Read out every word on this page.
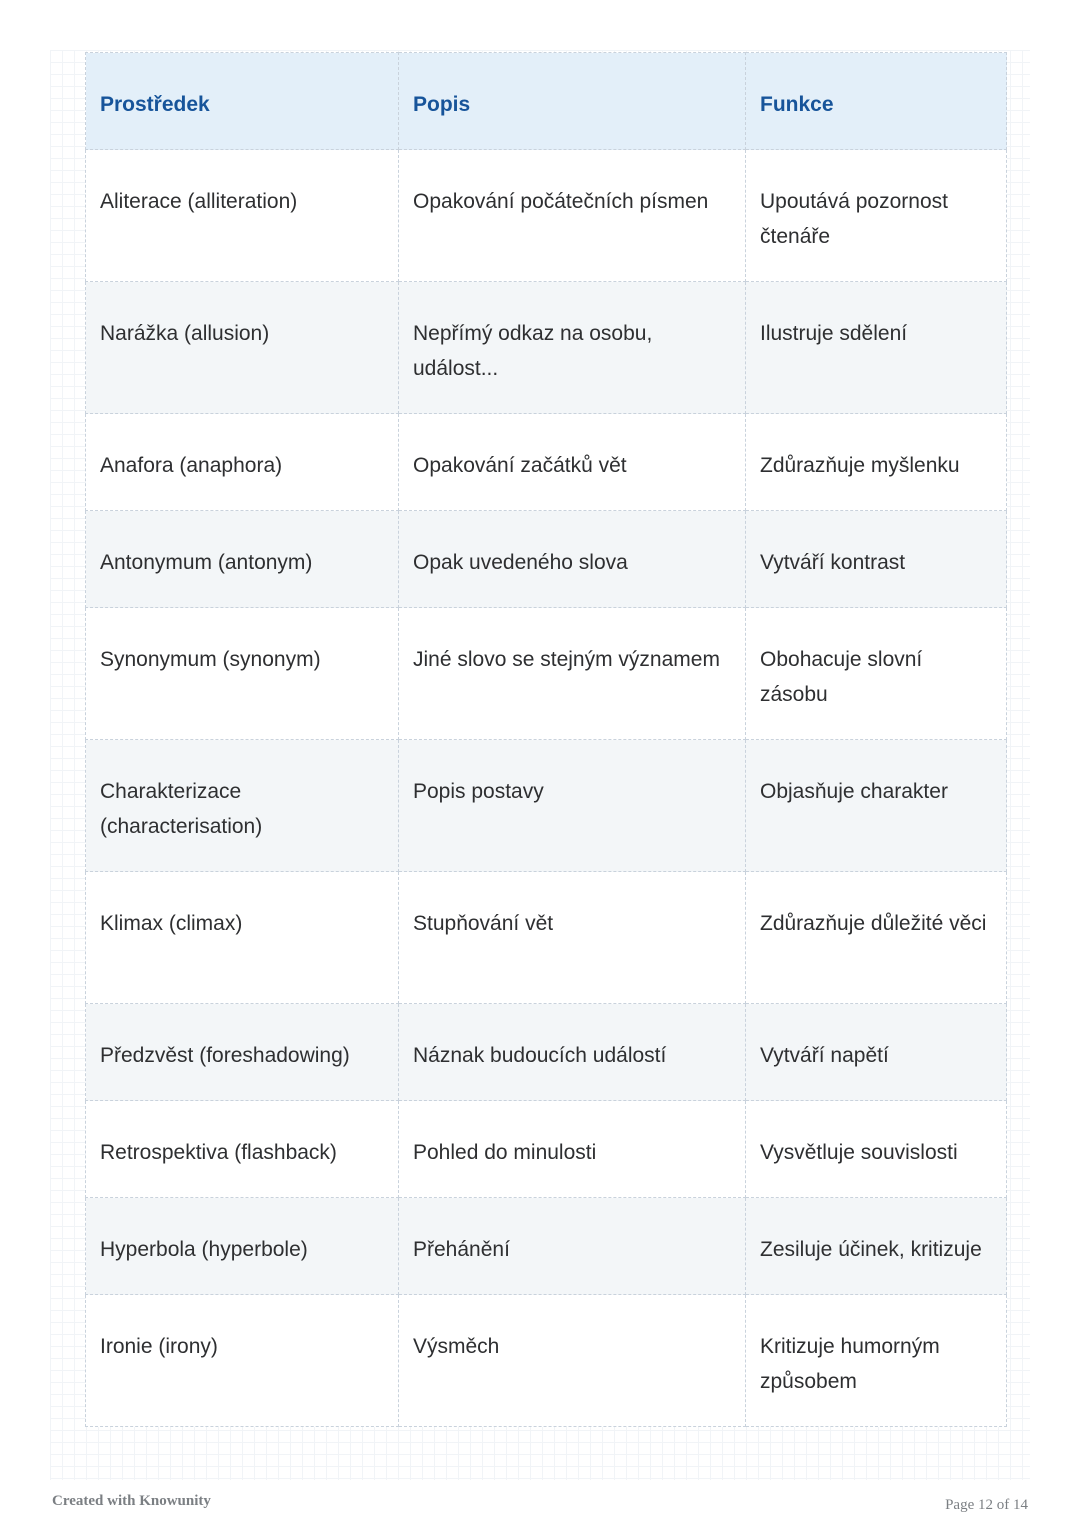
Prostředek	Popis	Funkce
Aliterace (alliteration)	Opakování počátečních písmen	Upoutává pozornost čtenáře
Narážka (allusion)	Nepřímý odkaz na osobu, událost...	Ilustruje sdělení
Anafora (anaphora)	Opakování začátků vět	Zdůrazňuje myšlenku
Antonymum (antonym)	Opak uvedeného slova	Vytváří kontrast
Synonymum (synonym)	Jiné slovo se stejným významem	Obohacuje slovní zásobu
Charakterizace (characterisation)	Popis postavy	Objasňuje charakter
Klimax (climax)	Stupňování vět	Zdůrazňuje důležité věci
Předzvěst (foreshadowing)	Náznak budoucích událostí	Vytváří napětí
Retrospektiva (flashback)	Pohled do minulosti	Vysvětluje souvislosti
Hyperbola (hyperbole)	Přehánění	Zesiluje účinek, kritizuje
Ironie (irony)	Výsměch	Kritizuje humorným způsobem
Created with Knowunity	Page 12 of 14
